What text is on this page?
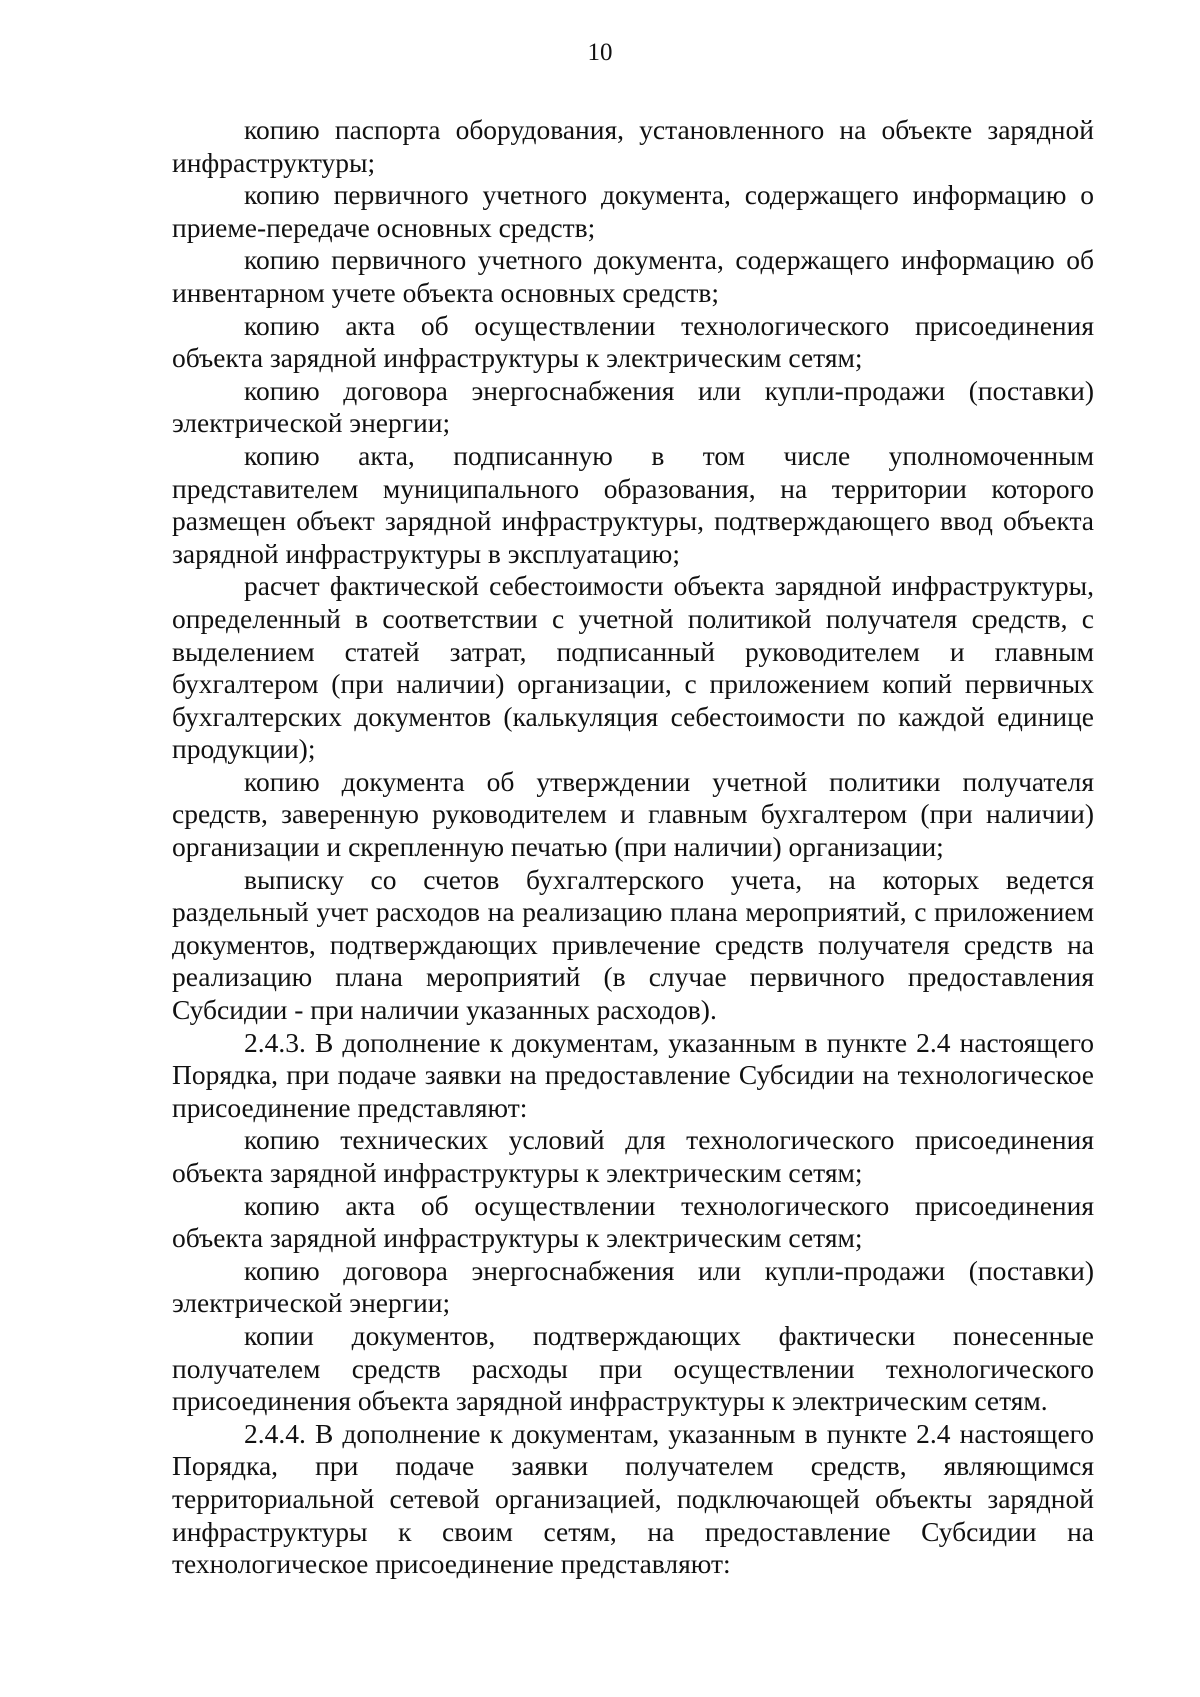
10

копию паспорта оборудования, установленного на объекте зарядной инфраструктуры;

копию первичного учетного документа, содержащего информацию о приеме-передаче основных средств;

копию первичного учетного документа, содержащего информацию об инвентарном учете объекта основных средств;

копию акта об осуществлении технологического присоединения объекта зарядной инфраструктуры к электрическим сетям;

копию договора энергоснабжения или купли-продажи (поставки) электрической энергии;

копию акта, подписанную в том числе уполномоченным представителем муниципального образования, на территории которого размещен объект зарядной инфраструктуры, подтверждающего ввод объекта зарядной инфраструктуры в эксплуатацию;

расчет фактической себестоимости объекта зарядной инфраструктуры, определенный в соответствии с учетной политикой получателя средств, с выделением статей затрат, подписанный руководителем и главным бухгалтером (при наличии) организации, с приложением копий первичных бухгалтерских документов (калькуляция себестоимости по каждой единице продукции);

копию документа об утверждении учетной политики получателя средств, заверенную руководителем и главным бухгалтером (при наличии) организации и скрепленную печатью (при наличии) организации;

выписку со счетов бухгалтерского учета, на которых ведется раздельный учет расходов на реализацию плана мероприятий, с приложением документов, подтверждающих привлечение средств получателя средств на реализацию плана мероприятий (в случае первичного предоставления Субсидии - при наличии указанных расходов).

2.4.3. В дополнение к документам, указанным в пункте 2.4 настоящего Порядка, при подаче заявки на предоставление Субсидии на технологическое присоединение представляют:

копию технических условий для технологического присоединения объекта зарядной инфраструктуры к электрическим сетям;

копию акта об осуществлении технологического присоединения объекта зарядной инфраструктуры к электрическим сетям;

копию договора энергоснабжения или купли-продажи (поставки) электрической энергии;

копии документов, подтверждающих фактически понесенные получателем средств расходы при осуществлении технологического присоединения объекта зарядной инфраструктуры к электрическим сетям.

2.4.4. В дополнение к документам, указанным в пункте 2.4 настоящего Порядка, при подаче заявки получателем средств, являющимся территориальной сетевой организацией, подключающей объекты зарядной инфраструктуры к своим сетям, на предоставление Субсидии на технологическое присоединение представляют:
